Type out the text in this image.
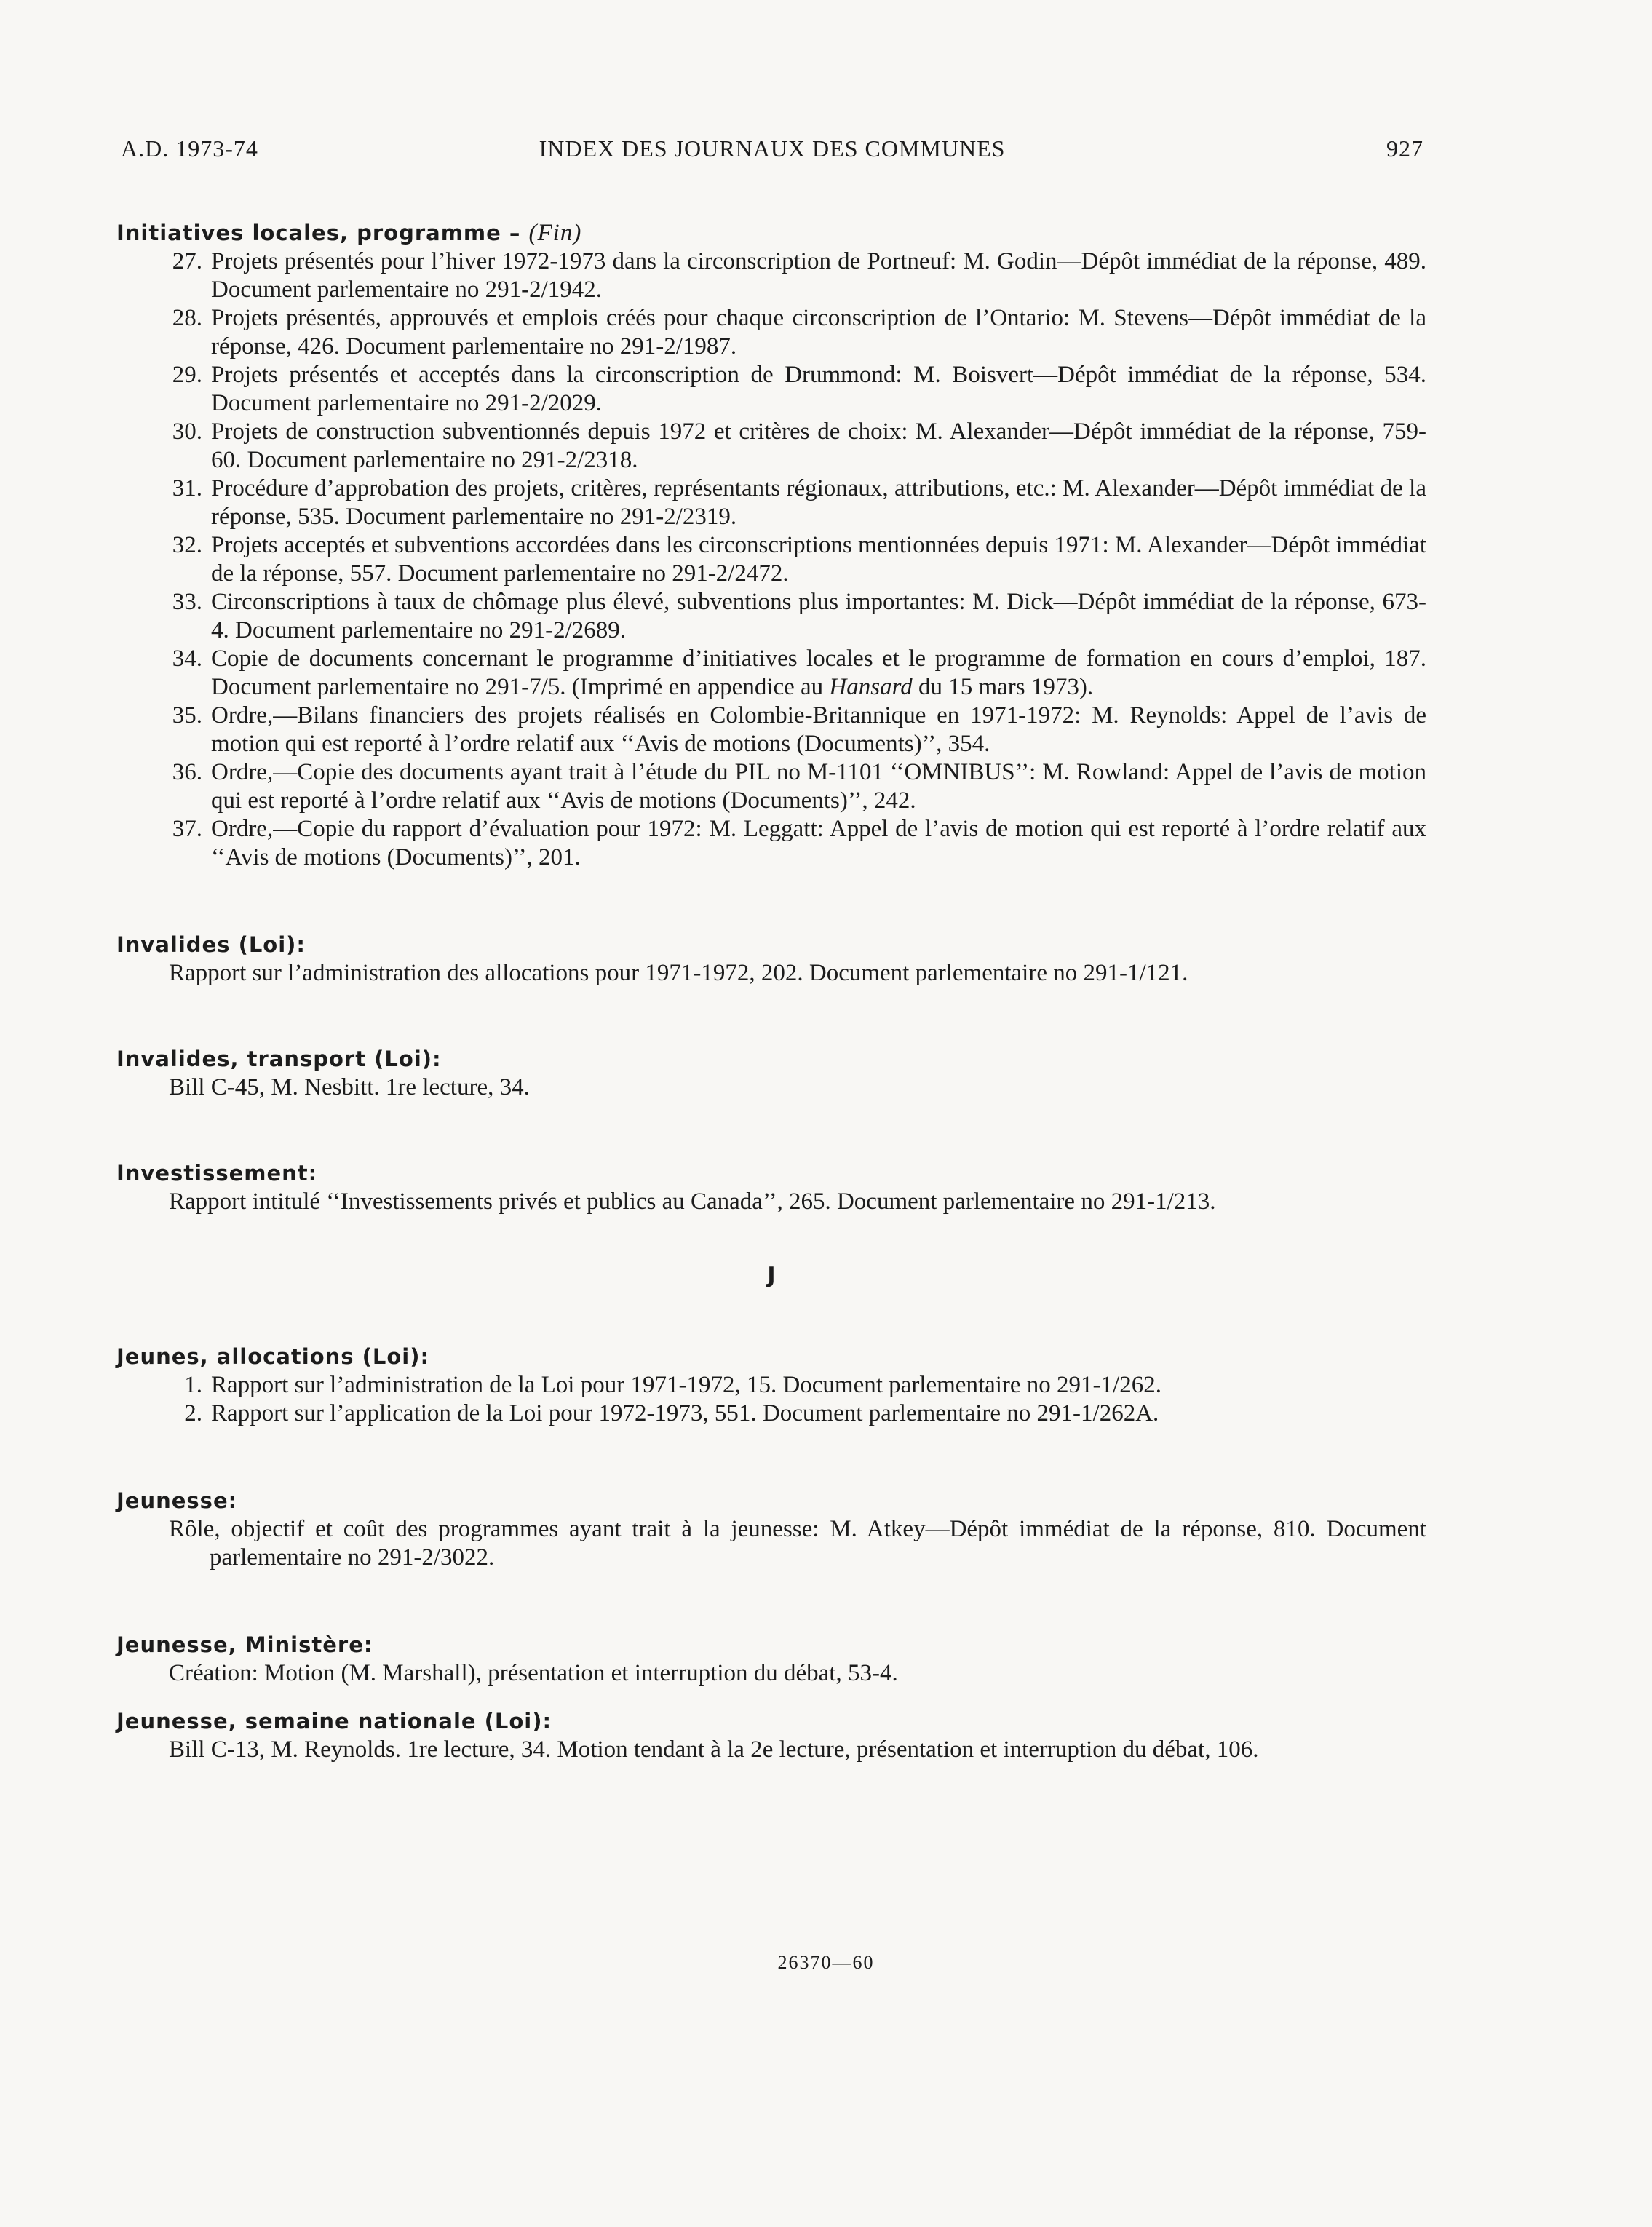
A.D. 1973-74	INDEX DES JOURNAUX DES COMMUNES	927
Initiatives locales, programme – (Fin)
27. Projets présentés pour l’hiver 1972-1973 dans la circonscription de Portneuf: M. Godin—Dépôt immédiat de la réponse, 489. Document parlementaire no 291-2/1942.
28. Projets présentés, approuvés et emplois créés pour chaque circonscription de l’Ontario: M. Stevens—Dépôt immédiat de la réponse, 426. Document parlementaire no 291-2/1987.
29. Projets présentés et acceptés dans la circonscription de Drummond: M. Boisvert—Dépôt immédiat de la réponse, 534. Document parlementaire no 291-2/2029.
30. Projets de construction subventionnés depuis 1972 et critères de choix: M. Alexander—Dépôt immédiat de la réponse, 759-60. Document parlementaire no 291-2/2318.
31. Procédure d’approbation des projets, critères, représentants régionaux, attributions, etc.: M. Alexander—Dépôt immédiat de la réponse, 535. Document parlementaire no 291-2/2319.
32. Projets acceptés et subventions accordées dans les circonscriptions mentionnées depuis 1971: M. Alexander—Dépôt immédiat de la réponse, 557. Document parlementaire no 291-2/2472.
33. Circonscriptions à taux de chômage plus élevé, subventions plus importantes: M. Dick—Dépôt immédiat de la réponse, 673-4. Document parlementaire no 291-2/2689.
34. Copie de documents concernant le programme d’initiatives locales et le programme de formation en cours d’emploi, 187. Document parlementaire no 291-7/5. (Imprimé en appendice au Hansard du 15 mars 1973).
35. Ordre,—Bilans financiers des projets réalisés en Colombie-Britannique en 1971-1972: M. Reynolds: Appel de l’avis de motion qui est reporté à l’ordre relatif aux ‘‘Avis de motions (Documents)’’, 354.
36. Ordre,—Copie des documents ayant trait à l’étude du PIL no M-1101 ‘‘OMNIBUS’’: M. Rowland: Appel de l’avis de motion qui est reporté à l’ordre relatif aux ‘‘Avis de motions (Documents)’’, 242.
37. Ordre,—Copie du rapport d’évaluation pour 1972: M. Leggatt: Appel de l’avis de motion qui est reporté à l’ordre relatif aux ‘‘Avis de motions (Documents)’’, 201.
Invalides (Loi):
Rapport sur l’administration des allocations pour 1971-1972, 202. Document parlementaire no 291-1/121.
Invalides, transport (Loi):
Bill C-45, M. Nesbitt. 1re lecture, 34.
Investissement:
Rapport intitulé ‘‘Investissements privés et publics au Canada’’, 265. Document parlementaire no 291-1/213.
J
Jeunes, allocations (Loi):
1. Rapport sur l’administration de la Loi pour 1971-1972, 15. Document parlementaire no 291-1/262.
2. Rapport sur l’application de la Loi pour 1972-1973, 551. Document parlementaire no 291-1/262A.
Jeunesse:
Rôle, objectif et coût des programmes ayant trait à la jeunesse: M. Atkey—Dépôt immédiat de la réponse, 810. Document parlementaire no 291-2/3022.
Jeunesse, Ministère:
Création: Motion (M. Marshall), présentation et interruption du débat, 53-4.
Jeunesse, semaine nationale (Loi):
Bill C-13, M. Reynolds. 1re lecture, 34. Motion tendant à la 2e lecture, présentation et interruption du débat, 106.
26370—60
